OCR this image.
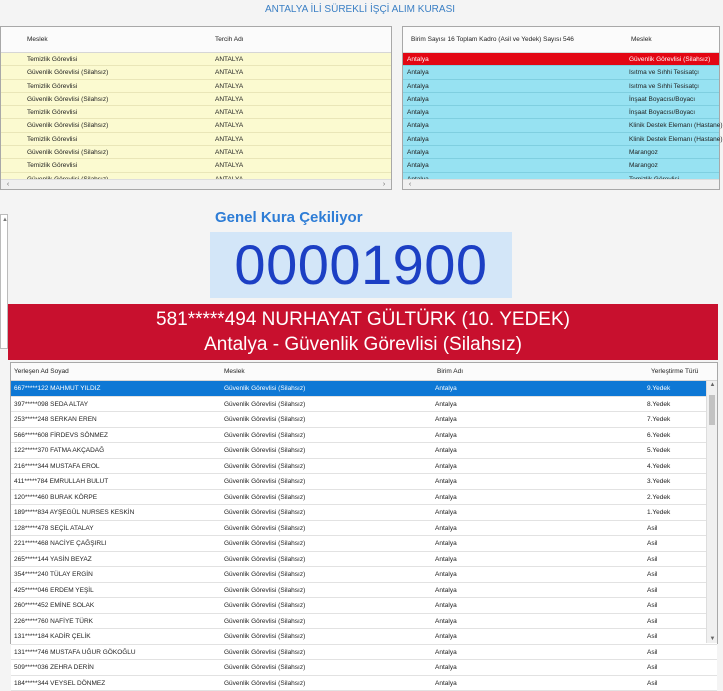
ANTALYA İLİ SÜREKLİ İŞÇİ ALIM KURASI
Meslek	Tercih Adı
Temizlik Görevlisi	ANTALYA
Güvenlik Görevlisi (Silahsız)	ANTALYA
Temizlik Görevlisi	ANTALYA
Güvenlik Görevlisi (Silahsız)	ANTALYA
Temizlik Görevlisi	ANTALYA
Güvenlik Görevlisi (Silahsız)	ANTALYA
Temizlik Görevlisi	ANTALYA
Güvenlik Görevlisi (Silahsız)	ANTALYA
Temizlik Görevlisi	ANTALYA
‹	›
Birim Sayısı 16 Toplam Kadro (Asil ve Yedek) Sayısı 546	Meslek
Antalya	Güvenlik Görevlisi (Silahsız)
Antalya	Isıtma ve Sıhhi Tesisatçı
Antalya	Isıtma ve Sıhhi Tesisatçı
Antalya	İnşaat Boyacısı/Boyacı
Antalya	İnşaat Boyacısı/Boyacı
Antalya	Klinik Destek Elemanı (Hastane)
Antalya	Klinik Destek Elemanı (Hastane)
Antalya	Marangoz
Antalya	Marangoz
‹
▲	Genel Kura Çekiliyor
00001900
581*****494 NURHAYAT GÜLTÜRK (10. YEDEK)
Antalya - Güvenlik Görevlisi (Silahsız)
Yerleşen Ad Soyad	Meslek	Birim Adı	Yerleştirme Türü
667*****122 MAHMUT YILDIZ	Güvenlik Görevlisi (Silahsız)	Antalya	9.Yedek
397*****098 SEDA ALTAY	Güvenlik Görevlisi (Silahsız)	Antalya	8.Yedek
253*****248 SERKAN EREN	Güvenlik Görevlisi (Silahsız)	Antalya	7.Yedek
566*****608 FİRDEVS SÖNMEZ	Güvenlik Görevlisi (Silahsız)	Antalya	6.Yedek
122*****370 FATMA AKÇADAĞ	Güvenlik Görevlisi (Silahsız)	Antalya	5.Yedek
216*****344 MUSTAFA EROL	Güvenlik Görevlisi (Silahsız)	Antalya	4.Yedek
411*****784 EMRULLAH BULUT	Güvenlik Görevlisi (Silahsız)	Antalya	3.Yedek
120*****460 BURAK KÖRPE	Güvenlik Görevlisi (Silahsız)	Antalya	2.Yedek
189*****834 AYŞEGÜL NURSES KESKİN	Güvenlik Görevlisi (Silahsız)	Antalya	1.Yedek
128*****478 SEÇİL ATALAY	Güvenlik Görevlisi (Silahsız)	Antalya	Asil
221*****468 NACİYE ÇAĞŞIRLI	Güvenlik Görevlisi (Silahsız)	Antalya	Asil
265*****144 YASİN BEYAZ	Güvenlik Görevlisi (Silahsız)	Antalya	Asil
354*****240 TÜLAY ERGİN	Güvenlik Görevlisi (Silahsız)	Antalya	Asil
425*****046 ERDEM YEŞİL	Güvenlik Görevlisi (Silahsız)	Antalya	Asil
260*****452 EMİNE SOLAK	Güvenlik Görevlisi (Silahsız)	Antalya	Asil
226*****760 NAFİYE TÜRK	Güvenlik Görevlisi (Silahsız)	Antalya	Asil
131*****184 KADİR ÇELİK	Güvenlik Görevlisi (Silahsız)	Antalya	Asil
131*****746 MUSTAFA UĞUR GÖKOĞLU	Güvenlik Görevlisi (Silahsız)	Antalya	Asil
509*****036 ZEHRA DERİN	Güvenlik Görevlisi (Silahsız)	Antalya	Asil
184*****344 VEYSEL DÖNMEZ	Güvenlik Görevlisi (Silahsız)	Antalya	Asil
▲
▼
